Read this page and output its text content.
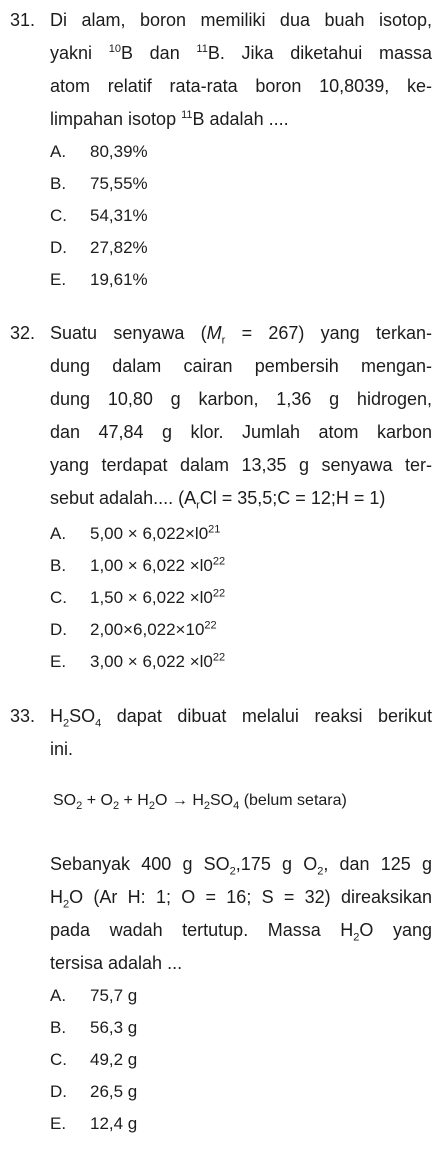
31. Di alam, boron memiliki dua buah isotop,
yakni $^{10}$B dan $^{11}$B. Jika diketahui massa
atom relatif rata-rata boron 10,8039, ke-
limpahan isotop $^{11}$B adalah ....
A. 80,39%
B. 75,55%
C. 54,31%
D. 27,82%
E. 19,61%
32. Suatu senyawa $(M_r = 267)$ yang terkan-
dung dalam cairan pembersih mengan-
dung 10,80 g karbon, 1,36 g hidrogen,
dan 47,84 g klor. Jumlah atom karbon
yang terdapat dalam 13,35 g senyawa ter-
sebut adalah.... ($A_rCl$ = 35,5;C = 12;H = 1)
A. $5,00 \times 6,022\times l0^{21}$
B. $1,00 \times 6,022 \times l0^{22}$
C. $1,50 \times 6,022 \times l0^{22}$
D. $2,00\times 6,022\times 10^{22}$
E. $3,00 \times 6,022 \times l0^{22}$
33. $H_2SO_4$ dapat dibuat melalui reaksi berikut
ini.
$SO_2 + O_2 + H_2O \to H_2SO_4$ (belum setara)
Sebanyak 400 g $SO_2,175$ g $O_2$, dan 125 g
$H_2O$ (Ar H: 1; O = 16; S = 32) direaksikan
pada wadah tertutup. Massa $H_2O$ yang
tersisa adalah ...
A. 75,7 g
B. 56,3 g
C. 49,2 g
D. 26,5 g
E. 12,4 g
